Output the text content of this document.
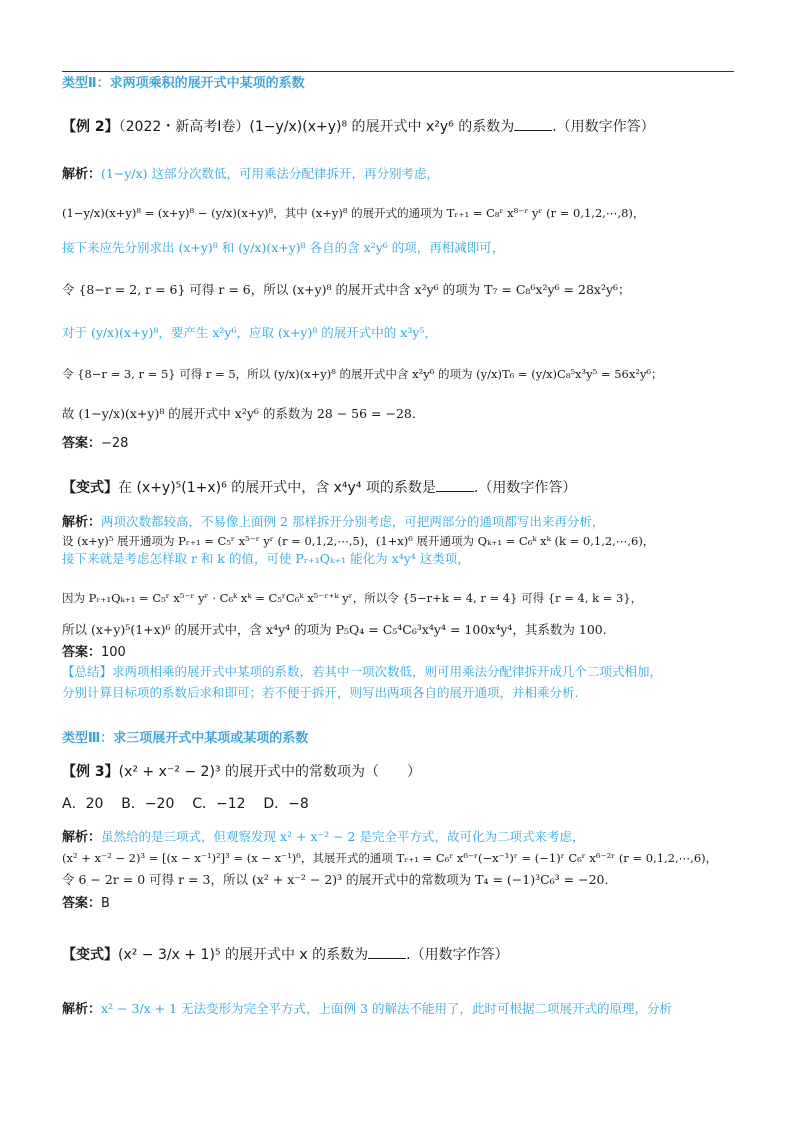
类型Ⅱ：求两项乘积的展开式中某项的系数
【例 2】（2022・新高考Ⅰ卷）(1−y/x)(x+y)⁸ 的展开式中 x²y⁶ 的系数为	.（用数字作答）
解析：(1−y/x) 这部分次数低，可用乘法分配律拆开，再分别考虑，
(1−y/x)(x+y)⁸ = (x+y)⁸ − (y/x)(x+y)⁸，其中 (x+y)⁸ 的展开式的通项为 Tᵣ₊₁ = C₈ʳ x⁸⁻ʳ yʳ (r = 0,1,2,⋯,8)，
接下来应先分别求出 (x+y)⁸ 和 (y/x)(x+y)⁸ 各自的含 x²y⁶ 的项，再相减即可，
令 {8−r = 2, r = 6} 可得 r = 6，所以 (x+y)⁸ 的展开式中含 x²y⁶ 的项为 T₇ = C₈⁶x²y⁶ = 28x²y⁶；
对于 (y/x)(x+y)⁸，要产生 x²y⁶，应取 (x+y)⁸ 的展开式中的 x³y⁵，
令 {8−r = 3, r = 5} 可得 r = 5，所以 (y/x)(x+y)⁸ 的展开式中含 x²y⁶ 的项为 (y/x)T₆ = (y/x)C₈⁵x³y⁵ = 56x²y⁶；
故 (1−y/x)(x+y)⁸ 的展开式中 x²y⁶ 的系数为 28 − 56 = −28．
答案：−28
【变式】在 (x+y)⁵(1+x)⁶ 的展开式中，含 x⁴y⁴ 项的系数是	.（用数字作答）
解析：两项次数都较高，不易像上面例 2 那样拆开分别考虑，可把两部分的通项都写出来再分析，
设 (x+y)⁵ 展开通项为 Pᵣ₊₁ = C₅ʳ x⁵⁻ʳ yʳ (r = 0,1,2,⋯,5)，(1+x)⁶ 展开通项为 Qₖ₊₁ = C₆ᵏ xᵏ (k = 0,1,2,⋯,6)，
接下来就是考虑怎样取 r 和 k 的值，可使 Pᵣ₊₁Qₖ₊₁ 能化为 x⁴y⁴ 这类项，
因为 Pᵣ₊₁Qₖ₊₁ = C₅ʳ x⁵⁻ʳ yʳ · C₆ᵏ xᵏ = C₅ʳC₆ᵏ x⁵⁻ʳ⁺ᵏ yʳ，所以令 {5−r+k = 4, r = 4} 可得 {r = 4, k = 3}，
所以 (x+y)⁵(1+x)⁶ 的展开式中，含 x⁴y⁴ 的项为 P₅Q₄ = C₅⁴C₆³x⁴y⁴ = 100x⁴y⁴，其系数为 100.
答案：100
【总结】求两项相乘的展开式中某项的系数，若其中一项次数低，则可用乘法分配律拆开成几个二项式相加，
分别计算目标项的系数后求和即可；若不便于拆开，则写出两项各自的展开通项，并相乘分析.
类型Ⅲ：求三项展开式中某项或某项的系数
【例 3】(x² + x⁻² − 2)³ 的展开式中的常数项为（　　）
A．20 B．−20 C．−12 D．−8
解析：虽然给的是三项式，但观察发现 x² + x⁻² − 2 是完全平方式，故可化为二项式来考虑，
(x² + x⁻² − 2)³ = [(x − x⁻¹)²]³ = (x − x⁻¹)⁶，其展开式的通项 Tᵣ₊₁ = C₆ʳ x⁶⁻ʳ(−x⁻¹)ʳ = (−1)ʳ C₆ʳ x⁶⁻²ʳ (r = 0,1,2,⋯,6)，
令 6 − 2r = 0 可得 r = 3，所以 (x² + x⁻² − 2)³ 的展开式中的常数项为 T₄ = (−1)³C₆³ = −20.
答案：B
【变式】(x² − 3/x + 1)⁵ 的展开式中 x 的系数为	.（用数字作答）
解析：x² − 3/x + 1 无法变形为完全平方式，上面例 3 的解法不能用了，此时可根据二项展开式的原理，分析
